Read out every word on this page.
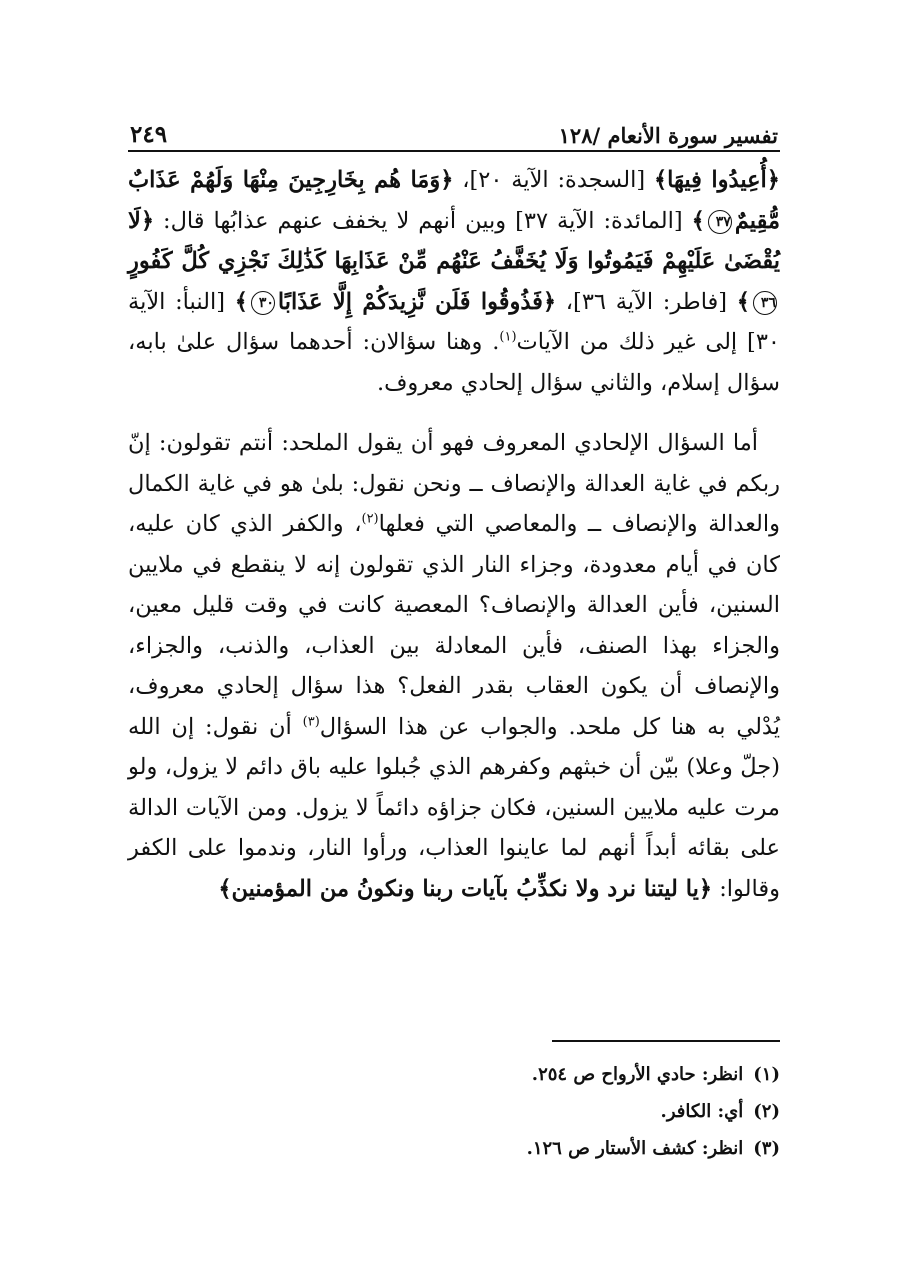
تفسير سورة الأنعام /١٢٨
٢٤٩

﴿أُعِيدُوا فِيهَا﴾ [السجدة: الآية ٢٠]، ﴿وَمَا هُم بِخَارِجِينَ مِنْهَا وَلَهُمْ عَذَابٌ مُّقِيمٌ٣٧﴾ [المائدة: الآية ٣٧] وبين أنهم لا يخفف عنهم عذابُها قال: ﴿لَا يُقْضَىٰ عَلَيْهِمْ فَيَمُوتُوا وَلَا يُخَفَّفُ عَنْهُم مِّنْ عَذَابِهَا كَذَٰلِكَ نَجْزِي كُلَّ كَفُورٍ٣٦﴾ [فاطر: الآية ٣٦]، ﴿فَذُوقُوا فَلَن نَّزِيدَكُمْ إِلَّا عَذَابًا٣٠﴾ [النبأ: الآية ٣٠] إلى غير ذلك من الآيات$^{(١)}$. وهنا سؤالان: أحدهما سؤال علىٰ بابه، سؤال إسلام، والثاني سؤال إلحادي معروف.

أما السؤال الإلحادي المعروف فهو أن يقول الملحد: أنتم تقولون: إنّ ربكم في غاية العدالة والإنصاف ــ ونحن نقول: بلىٰ هو في غاية الكمال والعدالة والإنصاف ــ والمعاصي التي فعلها$^{(٢)}$، والكفر الذي كان عليه، كان في أيام معدودة، وجزاء النار الذي تقولون إنه لا ينقطع في ملايين السنين، فأين العدالة والإنصاف؟ المعصية كانت في وقت قليل معين، والجزاء بهذا الصنف، فأين المعادلة بين العذاب، والذنب، والجزاء، والإنصاف أن يكون العقاب بقدر الفعل؟ هذا سؤال إلحادي معروف، يُدْلي به هنا كل ملحد. والجواب عن هذا السؤال$^{(٣)}$ أن نقول: إن الله (جلّ وعلا) بيّن أن خبثهم وكفرهم الذي جُبلوا عليه باق دائم لا يزول، ولو مرت عليه ملايين السنين، فكان جزاؤه دائماً لا يزول. ومن الآيات الدالة على بقائه أبداً أنهم لما عاينوا العذاب، ورأوا النار، وندموا على الكفر وقالوا: ﴿يا ليتنا نرد ولا نكذِّبُ بآيات ربنا ونكونُ من المؤمنين﴾

(١)انظر: حادي الأرواح ص ٢٥٤.
(٢)أي: الكافر.
(٣)انظر: كشف الأستار ص ١٢٦.
